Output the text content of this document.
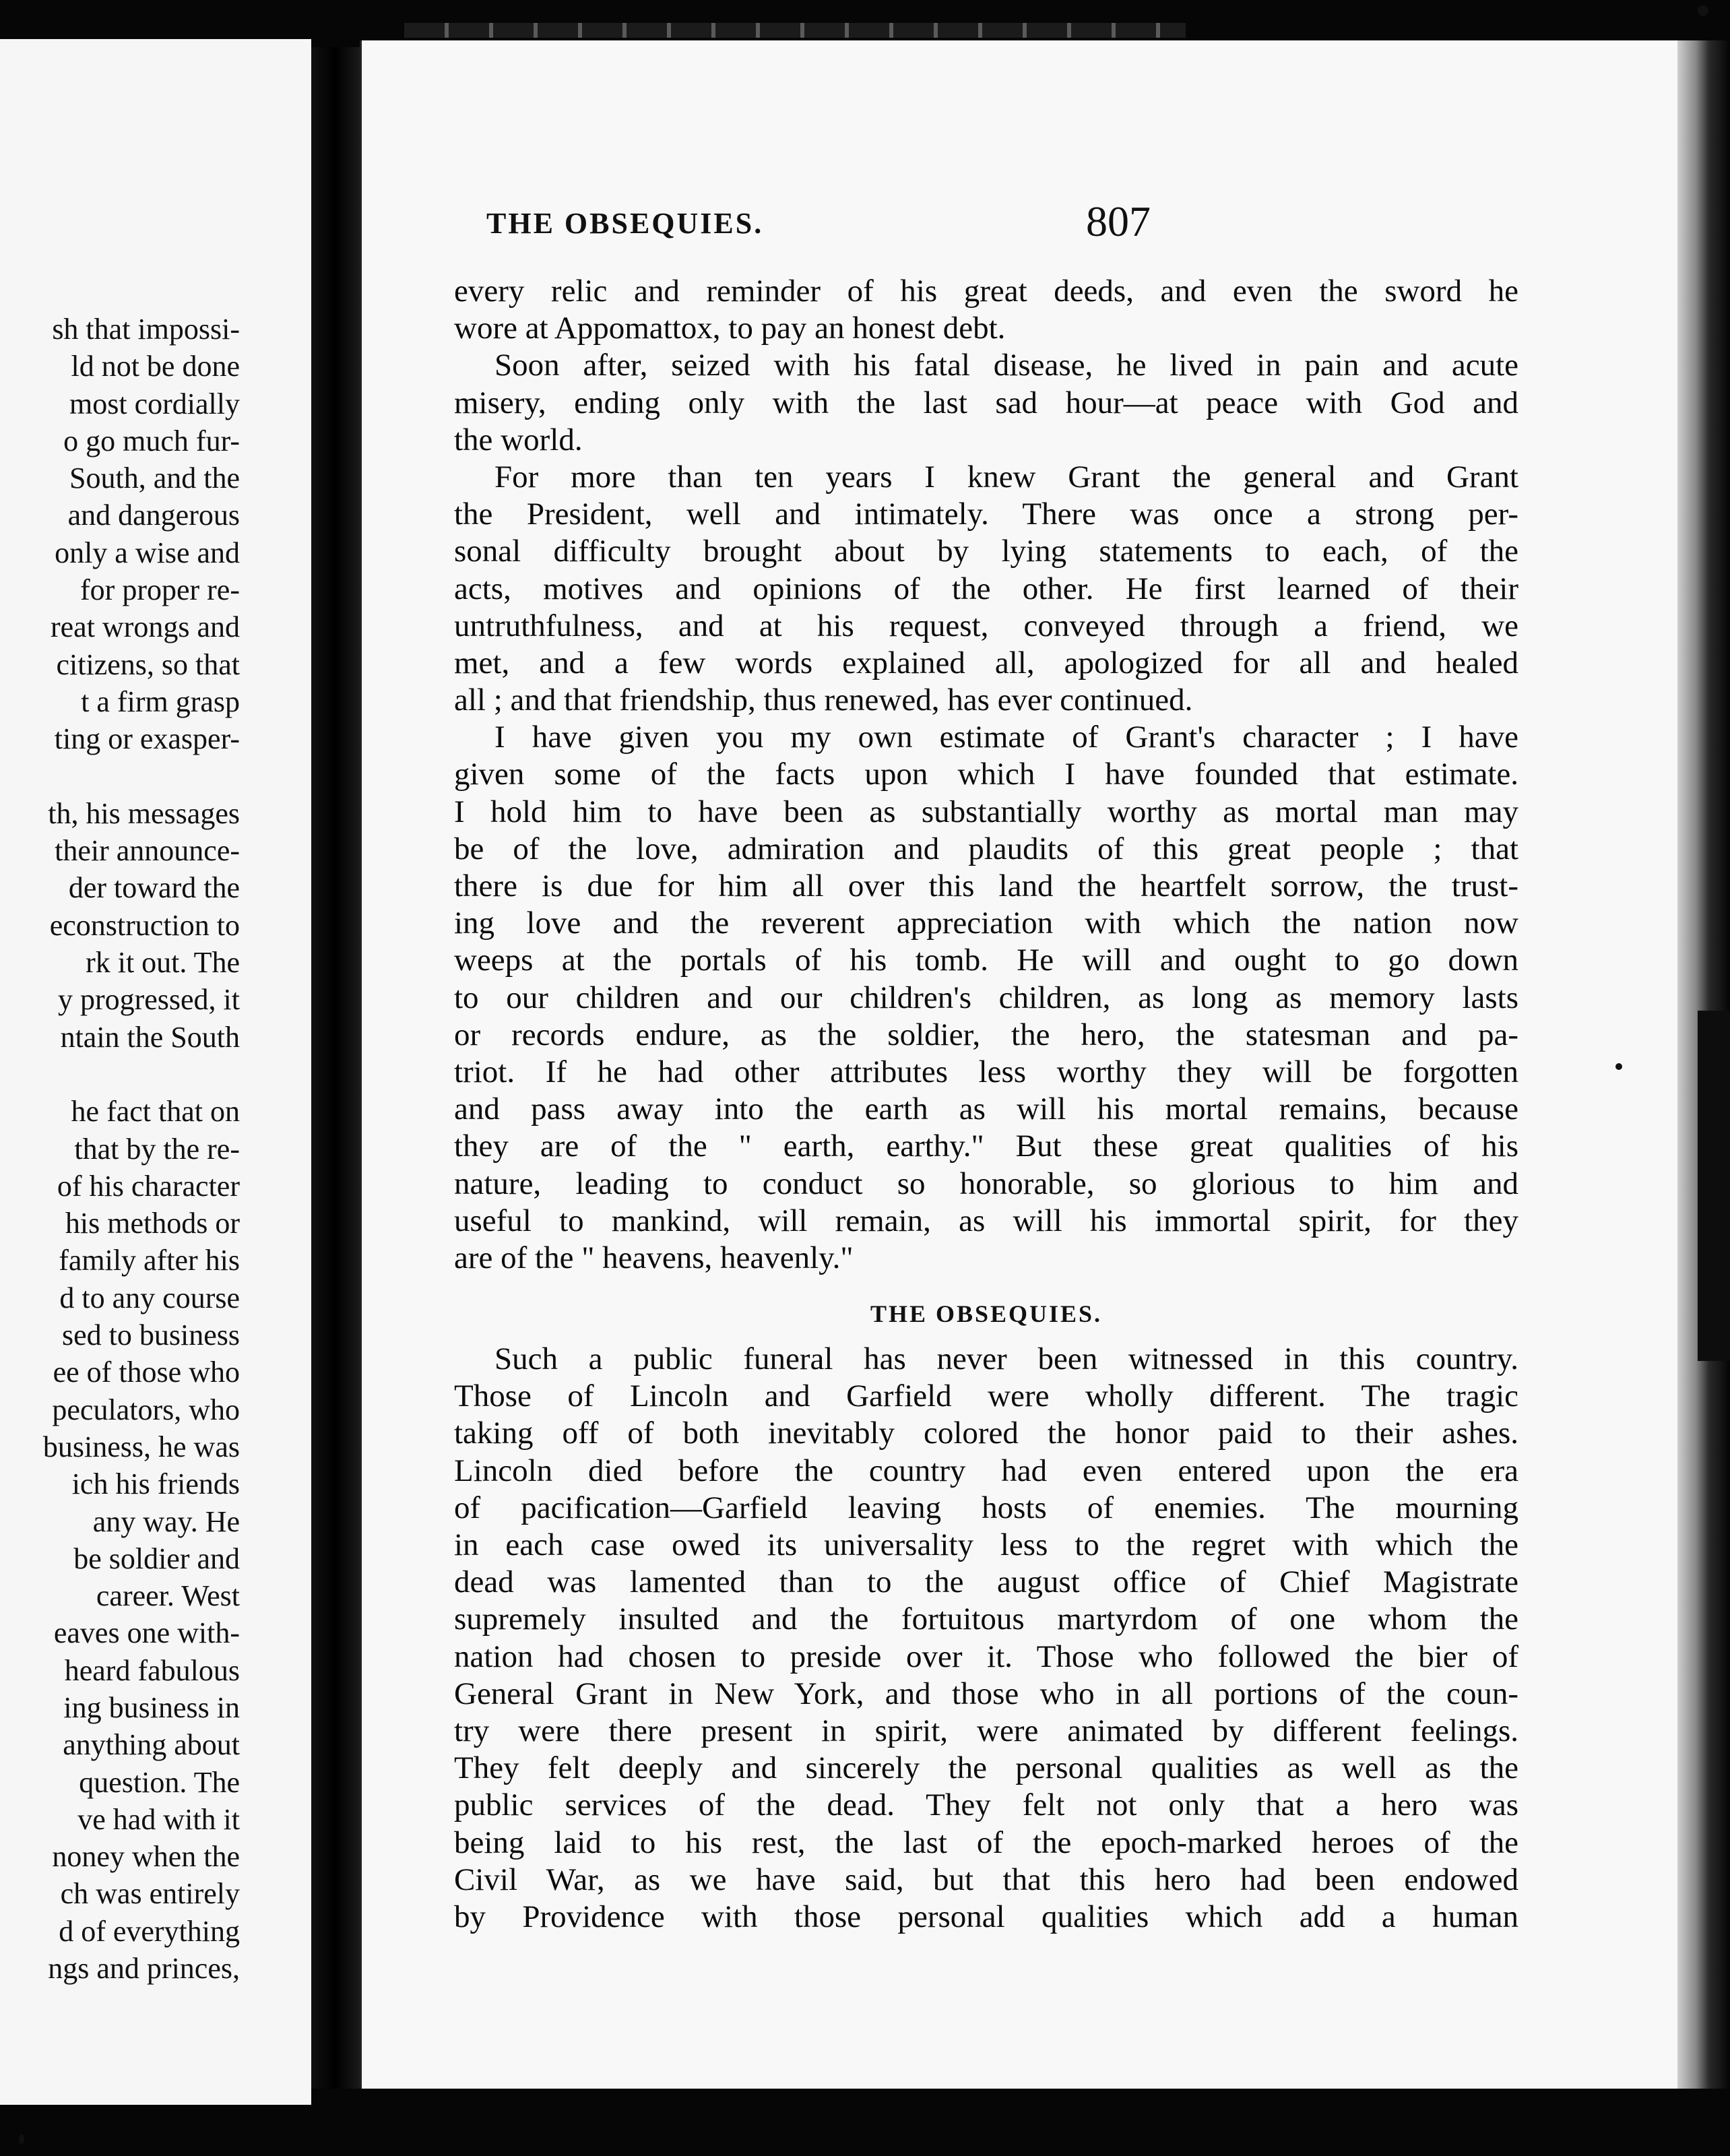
sh that impossi-
ld not be done
most cordially
o go much fur-
South, and the
and dangerous
only a wise and
for proper re-
reat wrongs and
citizens, so that
t a firm grasp
ting or exasper-
th, his messages
their announce-
der toward the
econstruction to
rk it out. The
y progressed, it
ntain the South
he fact that on
that by the re-
of his character
his methods or
family after his
d to any course
sed to business
ee of those who
peculators, who
business, he was
ich his friends
any way. He
be soldier and
career. West
eaves one with-
heard fabulous
ing business in
anything about
question. The
ve had with it
noney when the
ch was entirely
d of everything
ngs and princes,
THE OBSEQUIES.	807
every relic and reminder of his great deeds, and even the sword he
wore at Appomattox, to pay an honest debt.
Soon after, seized with his fatal disease, he lived in pain and acute
misery, ending only with the last sad hour—at peace with God and
the world.
For more than ten years I knew Grant the general and Grant
the President, well and intimately. There was once a strong per-
sonal difficulty brought about by lying statements to each, of the
acts, motives and opinions of the other. He first learned of their
untruthfulness, and at his request, conveyed through a friend, we
met, and a few words explained all, apologized for all and healed
all ; and that friendship, thus renewed, has ever continued.
I have given you my own estimate of Grant's character ; I have
given some of the facts upon which I have founded that estimate.
I hold him to have been as substantially worthy as mortal man may
be of the love, admiration and plaudits of this great people ; that
there is due for him all over this land the heartfelt sorrow, the trust-
ing love and the reverent appreciation with which the nation now
weeps at the portals of his tomb. He will and ought to go down
to our children and our children's children, as long as memory lasts
or records endure, as the soldier, the hero, the statesman and pa-
triot. If he had other attributes less worthy they will be forgotten
and pass away into the earth as will his mortal remains, because
they are of the " earth, earthy." But these great qualities of his
nature, leading to conduct so honorable, so glorious to him and
useful to mankind, will remain, as will his immortal spirit, for they
are of the " heavens, heavenly."
THE OBSEQUIES.
Such a public funeral has never been witnessed in this country.
Those of Lincoln and Garfield were wholly different. The tragic
taking off of both inevitably colored the honor paid to their ashes.
Lincoln died before the country had even entered upon the era
of pacification—Garfield leaving hosts of enemies. The mourning
in each case owed its universality less to the regret with which the
dead was lamented than to the august office of Chief Magistrate
supremely insulted and the fortuitous martyrdom of one whom the
nation had chosen to preside over it. Those who followed the bier of
General Grant in New York, and those who in all portions of the coun-
try were there present in spirit, were animated by different feelings.
They felt deeply and sincerely the personal qualities as well as the
public services of the dead. They felt not only that a hero was
being laid to his rest, the last of the epoch-marked heroes of the
Civil War, as we have said, but that this hero had been endowed
by Providence with those personal qualities which add a human
